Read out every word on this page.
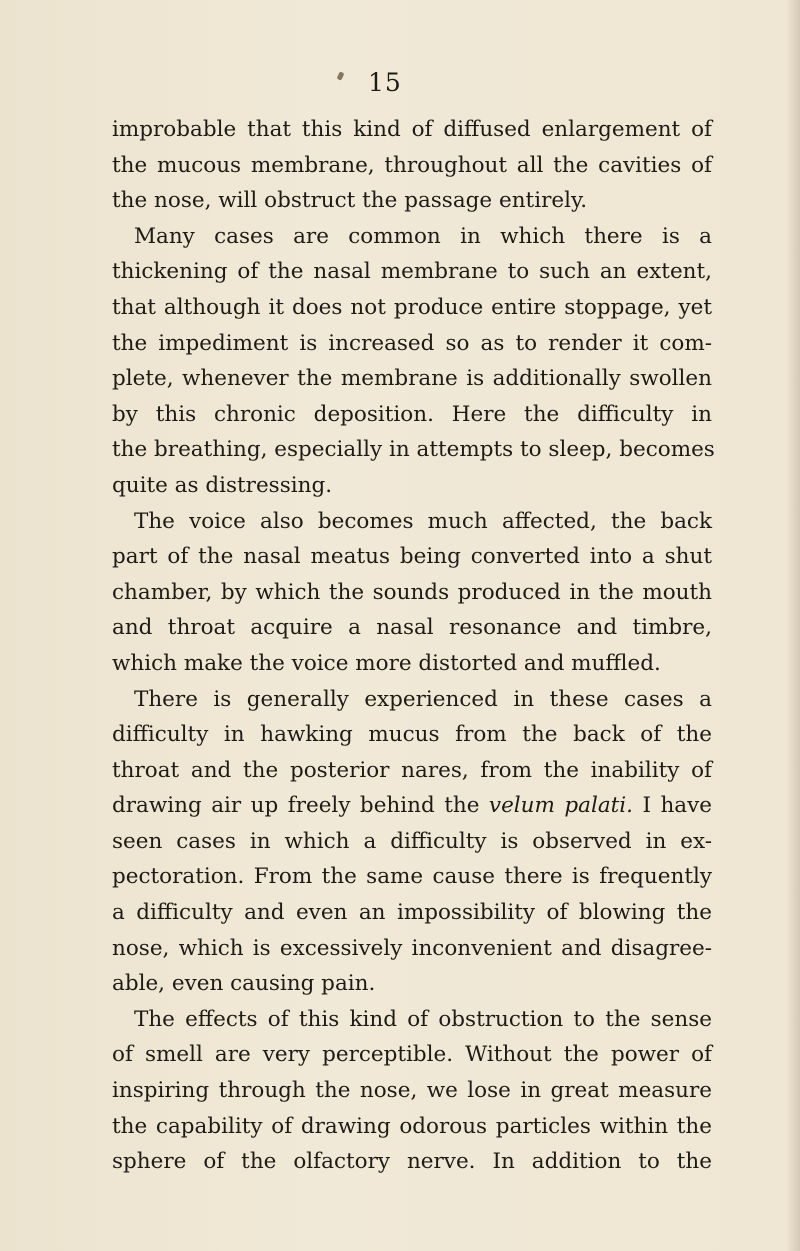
15
improbable that this kind of diffused enlargement of
the mucous membrane, throughout all the cavities of
the nose, will obstruct the passage entirely.
Many cases are common in which there is a
thickening of the nasal membrane to such an extent,
that although it does not produce entire stoppage, yet
the impediment is increased so as to render it com-
plete, whenever the membrane is additionally swollen
by this chronic deposition. Here the difficulty in
the breathing, especially in attempts to sleep, becomes
quite as distressing.
The voice also becomes much affected, the back
part of the nasal meatus being converted into a shut
chamber, by which the sounds produced in the mouth
and throat acquire a nasal resonance and timbre,
which make the voice more distorted and muffled.
There is generally experienced in these cases a
difficulty in hawking mucus from the back of the
throat and the posterior nares, from the inability of
drawing air up freely behind the velum palati. I have
seen cases in which a difficulty is observed in ex-
pectoration. From the same cause there is frequently
a difficulty and even an impossibility of blowing the
nose, which is excessively inconvenient and disagree-
able, even causing pain.
The effects of this kind of obstruction to the sense
of smell are very perceptible. Without the power of
inspiring through the nose, we lose in great measure
the capability of drawing odorous particles within the
sphere of the olfactory nerve. In addition to the
